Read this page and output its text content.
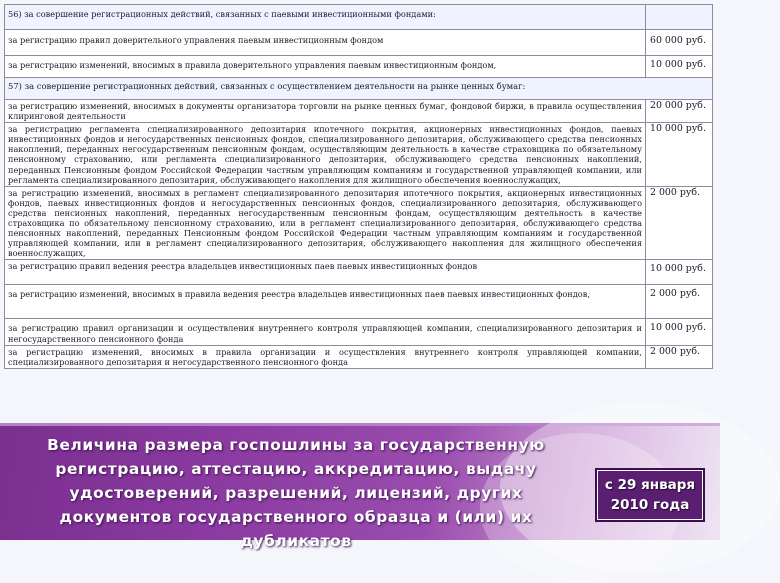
56) за совершение регистрационных действий, связанных с паевыми инвестиционными фондами:	
за регистрацию правил доверительного управления паевым инвестиционным фондом	60 000 руб.
за регистрацию изменений, вносимых в правила доверительного управления паевым инвестиционным фондом,	10 000 руб.
57) за совершение регистрационных действий, связанных с осуществлением деятельности на рынке ценных бумаг:	
за регистрацию изменений, вносимых в документы организатора торговли на рынке ценных бумаг, фондовой биржи, в правила осуществления клиринговой деятельности	20 000 руб.
за регистрацию регламента специализированного депозитария ипотечного покрытия, акционерных инвестиционных фондов, паевых инвестиционных фондов и негосударственных пенсионных фондов, специализированного депозитария, обслуживающего средства пенсионных накоплений, переданных негосударственным пенсионным фондам, осуществляющим деятельность в качестве страховщика по обязательному пенсионному страхованию, или регламента специализированного депозитария, обслуживающего средства пенсионных накоплений, переданных Пенсионным фондом Российской Федерации частным управляющим компаниям и государственной управляющей компании, или регламента специализированного депозитария, обслуживающего накопления для жилищного обеспечения военнослужащих,	10 000 руб.
за регистрацию изменений, вносимых в регламент специализированного депозитария ипотечного покрытия, акционерных инвестиционных фондов, паевых инвестиционных фондов и негосударственных пенсионных фондов, специализированного депозитария, обслуживающего средства пенсионных накоплений, переданных негосударственным пенсионным фондам, осуществляющим деятельность в качестве страховщика по обязательному пенсионному страхованию, или в регламент специализированного депозитария, обслуживающего средства пенсионных накоплений, переданных Пенсионным фондом Российской Федерации частным управляющим компаниям и государственной управляющей компании, или в регламент специализированного депозитария, обслуживающего накопления для жилищного обеспечения военнослужащих,	2 000 руб.
за регистрацию правил ведения реестра владельцев инвестиционных паев паевых инвестиционных фондов	10 000 руб.
за регистрацию изменений, вносимых в правила ведения реестра владельцев инвестиционных паев паевых инвестиционных фондов,	2 000 руб.
за регистрацию правил организации и осуществления внутреннего контроля управляющей компании, специализированного депозитария и негосударственного пенсионного фонда	10 000 руб.
за регистрацию изменений, вносимых в правила организации и осуществления внутреннего контроля управляющей компании, специализированного депозитария и негосударственного пенсионного фонда	2 000 руб.
Величина размера госпошлины за государственную регистрацию, аттестацию, аккредитацию, выдачу удостоверений, разрешений, лицензий, других документов государственного образца и (или) их дубликатов
с 29 января
2010 года
